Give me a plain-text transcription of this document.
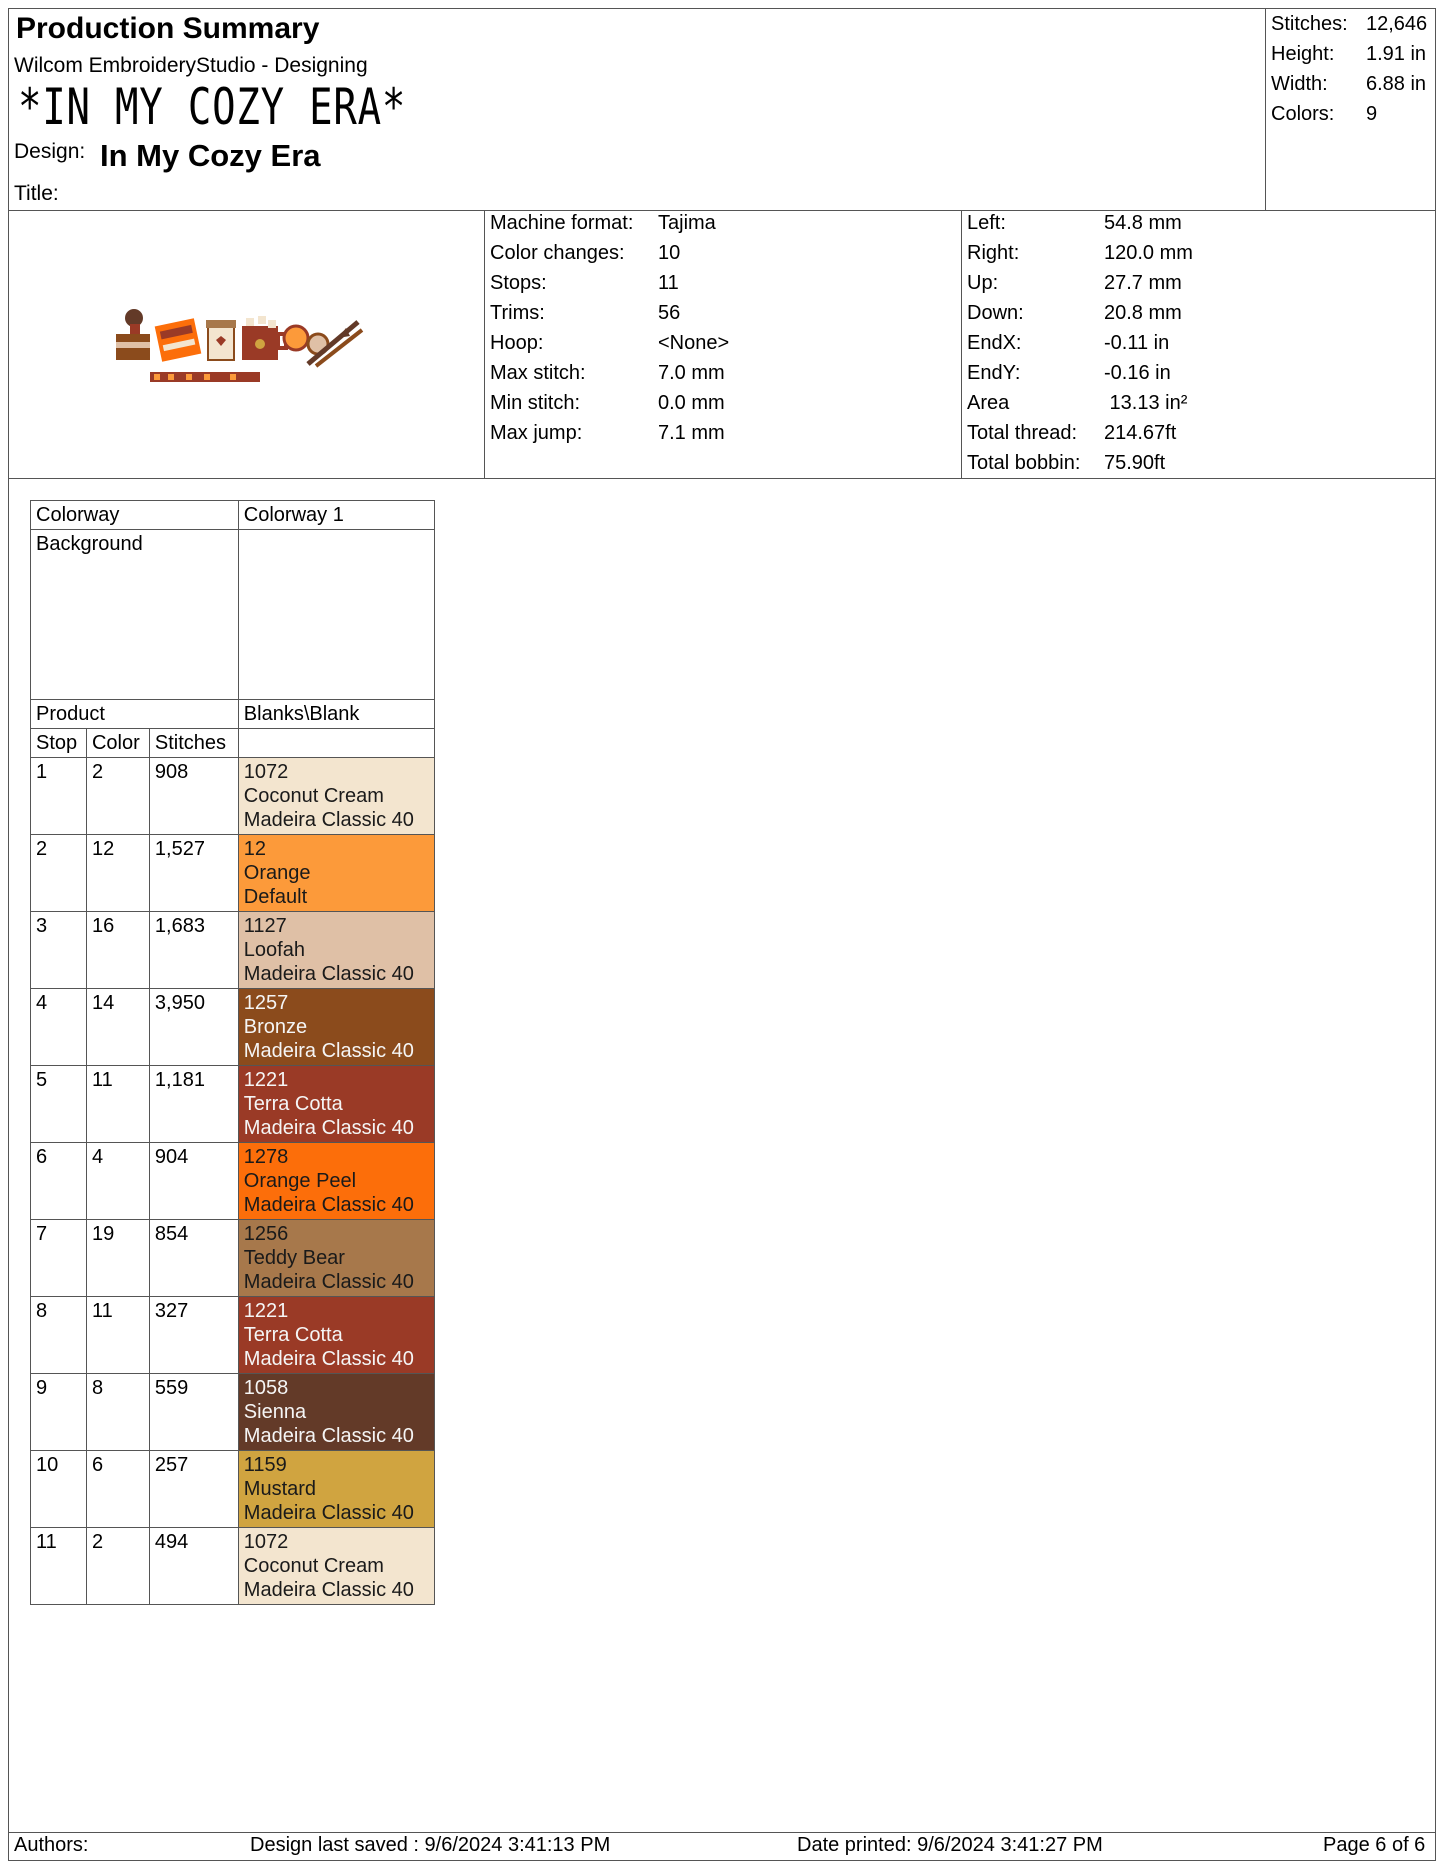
Production Summary
Wilcom EmbroideryStudio - Designing
*IN MY COZY ERA*
Design: In My Cozy Era
Title:
Stitches: 12,646
Height:	1.91 in
Width:	6.88 in
Colors:	9
Machine format:	Tajima
Color changes:	10
Stops:	11
Trims:	56
Hoop:	<None>
Max stitch:	7.0 mm
Min stitch:	0.0 mm
Max jump:	7.1 mm
Left:	54.8 mm
Right:	120.0 mm
Up:	27.7 mm
Down:	20.8 mm
EndX:	-0.11 in
EndY:	-0.16 in
Area	13.13 in²
Total thread:	214.67ft
Total bobbin:	75.90ft
Colorway			Colorway 1
Background			
Product			Blanks\Blank
Stop	Color	Stitches	
1	2	908	1072
Coconut Cream
Madeira Classic 40

2	12	1,527	12
Orange
Default

3	16	1,683	1127
Loofah
Madeira Classic 40

4	14	3,950	1257
Bronze
Madeira Classic 40

5	11	1,181	1221
Terra Cotta
Madeira Classic 40

6	4	904	1278
Orange Peel
Madeira Classic 40

7	19	854	1256
Teddy Bear
Madeira Classic 40

8	11	327	1221
Terra Cotta
Madeira Classic 40

9	8	559	1058
Sienna
Madeira Classic 40

10	6	257	1159
Mustard
Madeira Classic 40

11	2	494	1072
Coconut Cream
Madeira Classic 40
Authors:	Design last saved : 9/6/2024 3:41:13 PM	Date printed: 9/6/2024 3:41:27 PM	Page 6 of 6
